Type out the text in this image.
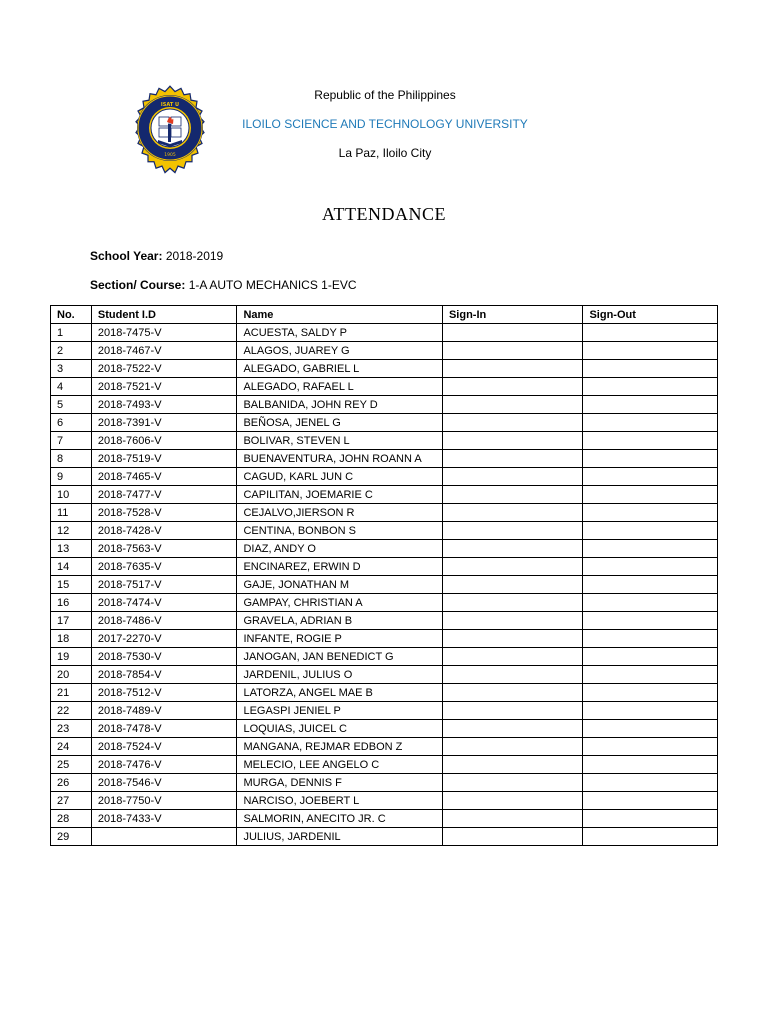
ISAT U
1905
Republic of the Philippines
ILOILO SCIENCE AND TECHNOLOGY UNIVERSITY
La Paz, Iloilo City
ATTENDANCE
School Year: 2018-2019
Section/ Course: 1-A AUTO MECHANICS 1-EVC
No.	Student I.D	Name	Sign-In	Sign-Out
1	2018-7475-V	ACUESTA, SALDY P		
2	2018-7467-V	ALAGOS, JUAREY G		
3	2018-7522-V	ALEGADO, GABRIEL L		
4	2018-7521-V	ALEGADO, RAFAEL L		
5	2018-7493-V	BALBANIDA, JOHN REY D		
6	2018-7391-V	BEÑOSA, JENEL G		
7	2018-7606-V	BOLIVAR, STEVEN L		
8	2018-7519-V	BUENAVENTURA, JOHN ROANN A		
9	2018-7465-V	CAGUD, KARL JUN C		
10	2018-7477-V	CAPILITAN, JOEMARIE C		
11	2018-7528-V	CEJALVO,JIERSON R		
12	2018-7428-V	CENTINA, BONBON S		
13	2018-7563-V	DIAZ, ANDY O		
14	2018-7635-V	ENCINAREZ, ERWIN D		
15	2018-7517-V	GAJE, JONATHAN M		
16	2018-7474-V	GAMPAY, CHRISTIAN A		
17	2018-7486-V	GRAVELA, ADRIAN B		
18	2017-2270-V	INFANTE, ROGIE P		
19	2018-7530-V	JANOGAN, JAN BENEDICT G		
20	2018-7854-V	JARDENIL, JULIUS O		
21	2018-7512-V	LATORZA, ANGEL MAE B		
22	2018-7489-V	LEGASPI JENIEL P		
23	2018-7478-V	LOQUIAS, JUICEL C		
24	2018-7524-V	MANGANA, REJMAR EDBON Z		
25	2018-7476-V	MELECIO, LEE ANGELO C		
26	2018-7546-V	MURGA, DENNIS F		
27	2018-7750-V	NARCISO, JOEBERT L		
28	2018-7433-V	SALMORIN, ANECITO JR. C		
29		JULIUS, JARDENIL		
